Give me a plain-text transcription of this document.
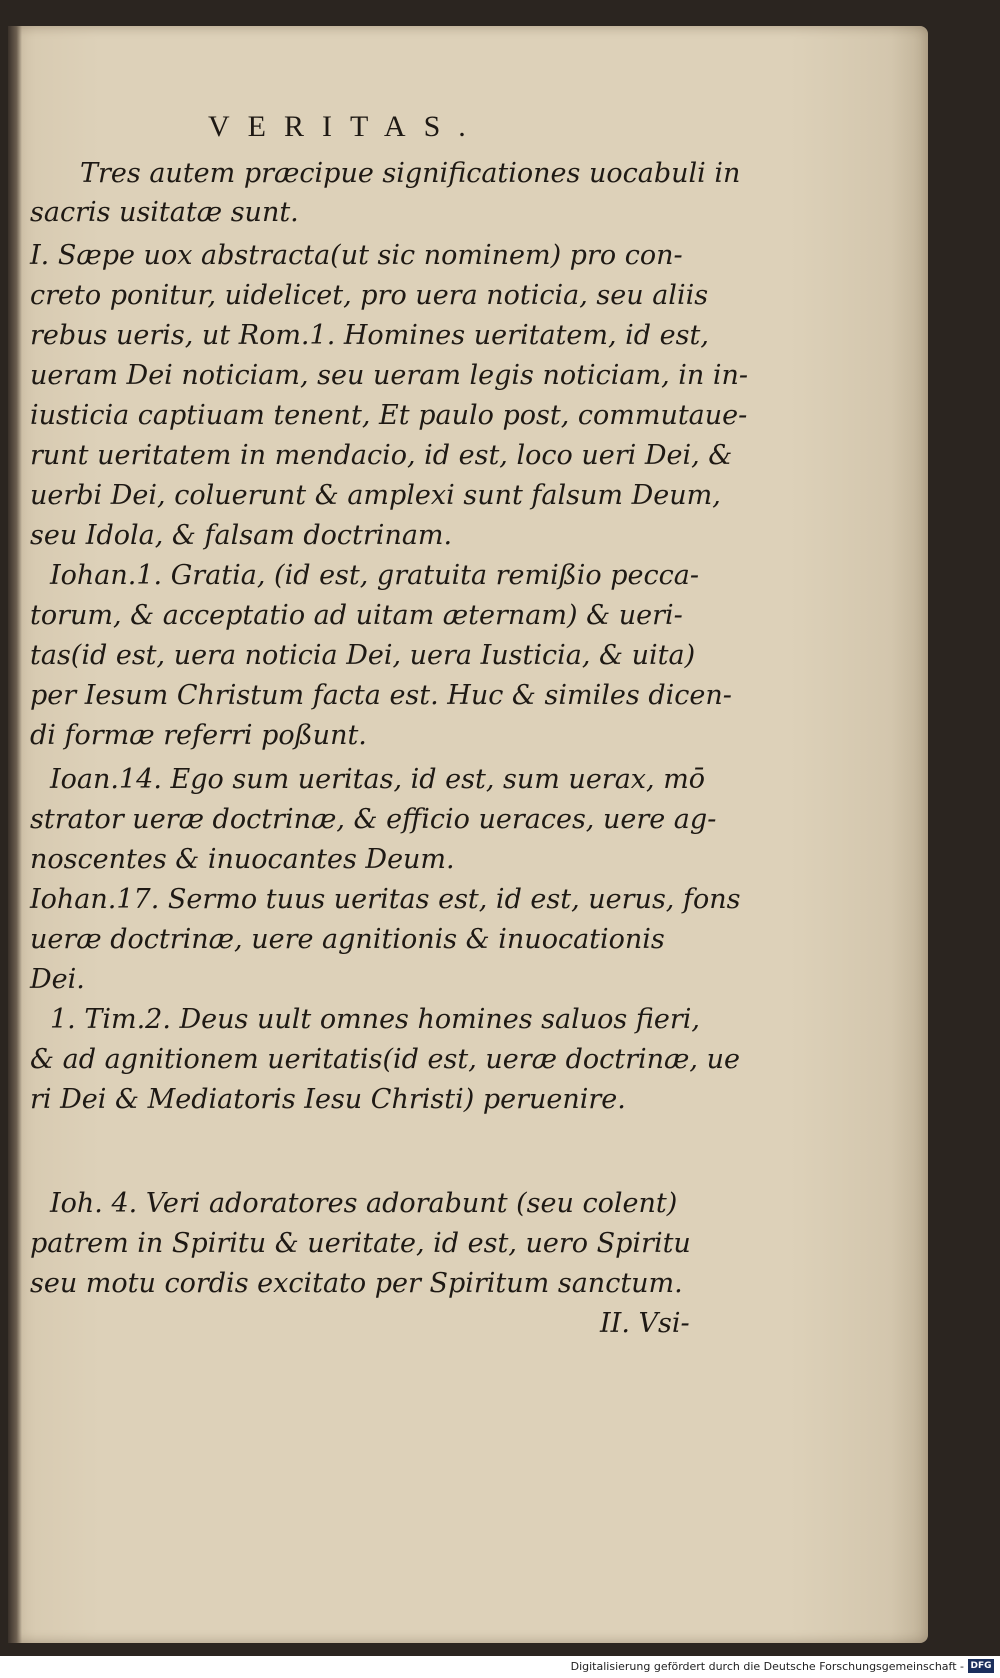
VERITAS.
Tres autem præcipue significationes uocabuli in
sacris usitatæ sunt.
I. Sæpe uox abstracta(ut sic nominem) pro con-
creto ponitur, uidelicet, pro uera noticia, seu aliis
rebus ueris, ut Rom.1. Homines ueritatem, id est,
ueram Dei noticiam, seu ueram legis noticiam, in in-
iusticia captiuam tenent, Et paulo post, commutaue-
runt ueritatem in mendacio, id est, loco ueri Dei, &
uerbi Dei, coluerunt & amplexi sunt falsum Deum,
seu Idola, & falsam doctrinam.
Iohan.1. Gratia, (id est, gratuita remißio pecca-
torum, & acceptatio ad uitam æternam) & ueri-
tas(id est, uera noticia Dei, uera Iusticia, & uita)
per Iesum Christum facta est. Huc & similes dicen-
di formæ referri poßunt.
Ioan.14. Ego sum ueritas, id est, sum uerax, mō
strator ueræ doctrinæ, & efficio ueraces, uere ag-
noscentes & inuocantes Deum.
Iohan.17. Sermo tuus ueritas est, id est, uerus, fons
ueræ doctrinæ, uere agnitionis & inuocationis
Dei.
1. Tim.2. Deus uult omnes homines saluos fieri,
& ad agnitionem ueritatis(id est, ueræ doctrinæ, ue
ri Dei & Mediatoris Iesu Christi) peruenire.
Ioh. 4. Veri adoratores adorabunt (seu colent)
patrem in Spiritu & ueritate, id est, uero Spiritu
seu motu cordis excitato per Spiritum sanctum.
II. Vsi-
Digitalisierung gefördert durch die Deutsche Forschungsgemeinschaft - DFG
